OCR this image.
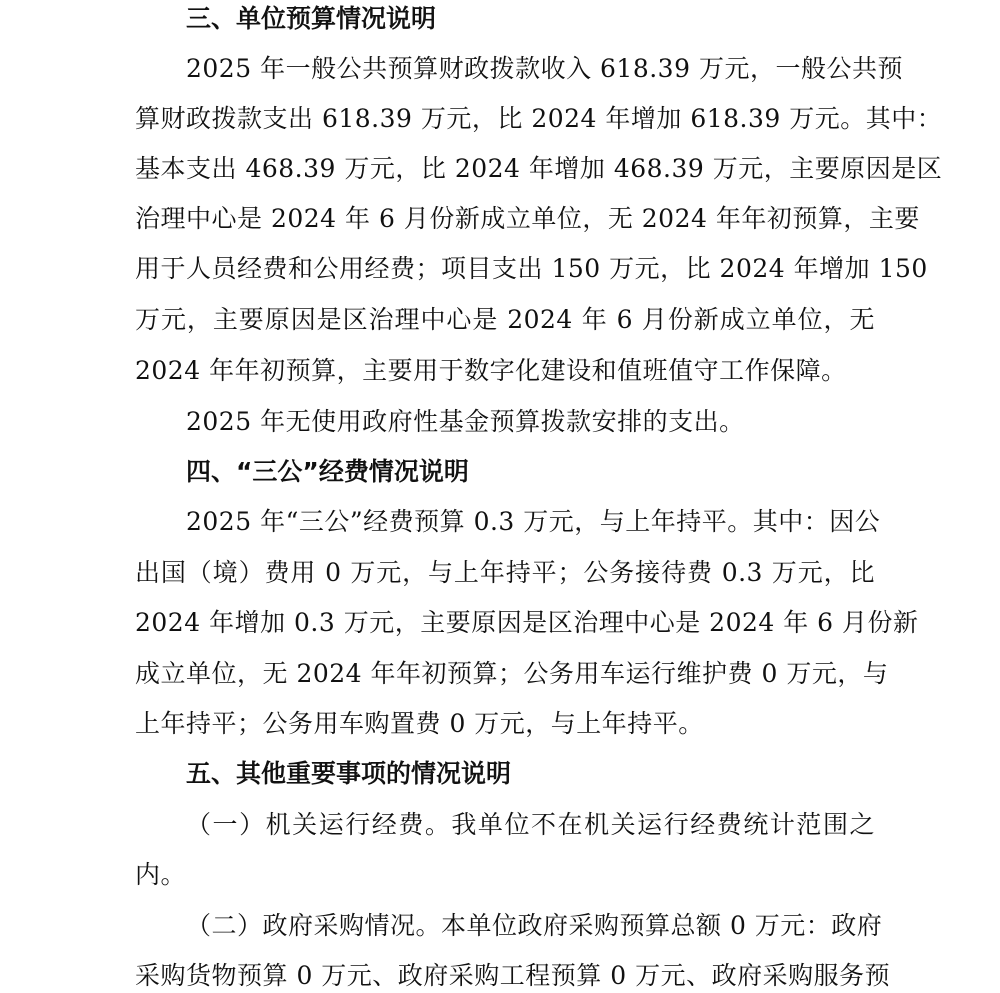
三、单位预算情况说明
2025 年一般公共预算财政拨款收入 618.39 万元，一般公共预
算财政拨款支出 618.39 万元，比 2024 年增加 618.39 万元。其中：
基本支出 468.39 万元，比 2024 年增加 468.39 万元，主要原因是区
治理中心是 2024 年 6 月份新成立单位，无 2024 年年初预算，主要
用于人员经费和公用经费；项目支出 150 万元，比 2024 年增加 150
万元，主要原因是区治理中心是 2024 年 6 月份新成立单位，无
2024 年年初预算，主要用于数字化建设和值班值守工作保障。
2025 年无使用政府性基金预算拨款安排的支出。
四、“三公”经费情况说明
2025 年“三公”经费预算 0.3 万元，与上年持平。其中：因公
出国（境）费用 0 万元，与上年持平；公务接待费 0.3 万元，比
2024 年增加 0.3 万元，主要原因是区治理中心是 2024 年 6 月份新
成立单位，无 2024 年年初预算；公务用车运行维护费 0 万元，与
上年持平；公务用车购置费 0 万元，与上年持平。
五、其他重要事项的情况说明
（一）机关运行经费。我单位不在机关运行经费统计范围之
内。
（二）政府采购情况。本单位政府采购预算总额 0 万元：政府
采购货物预算 0 万元、政府采购工程预算 0 万元、政府采购服务预
